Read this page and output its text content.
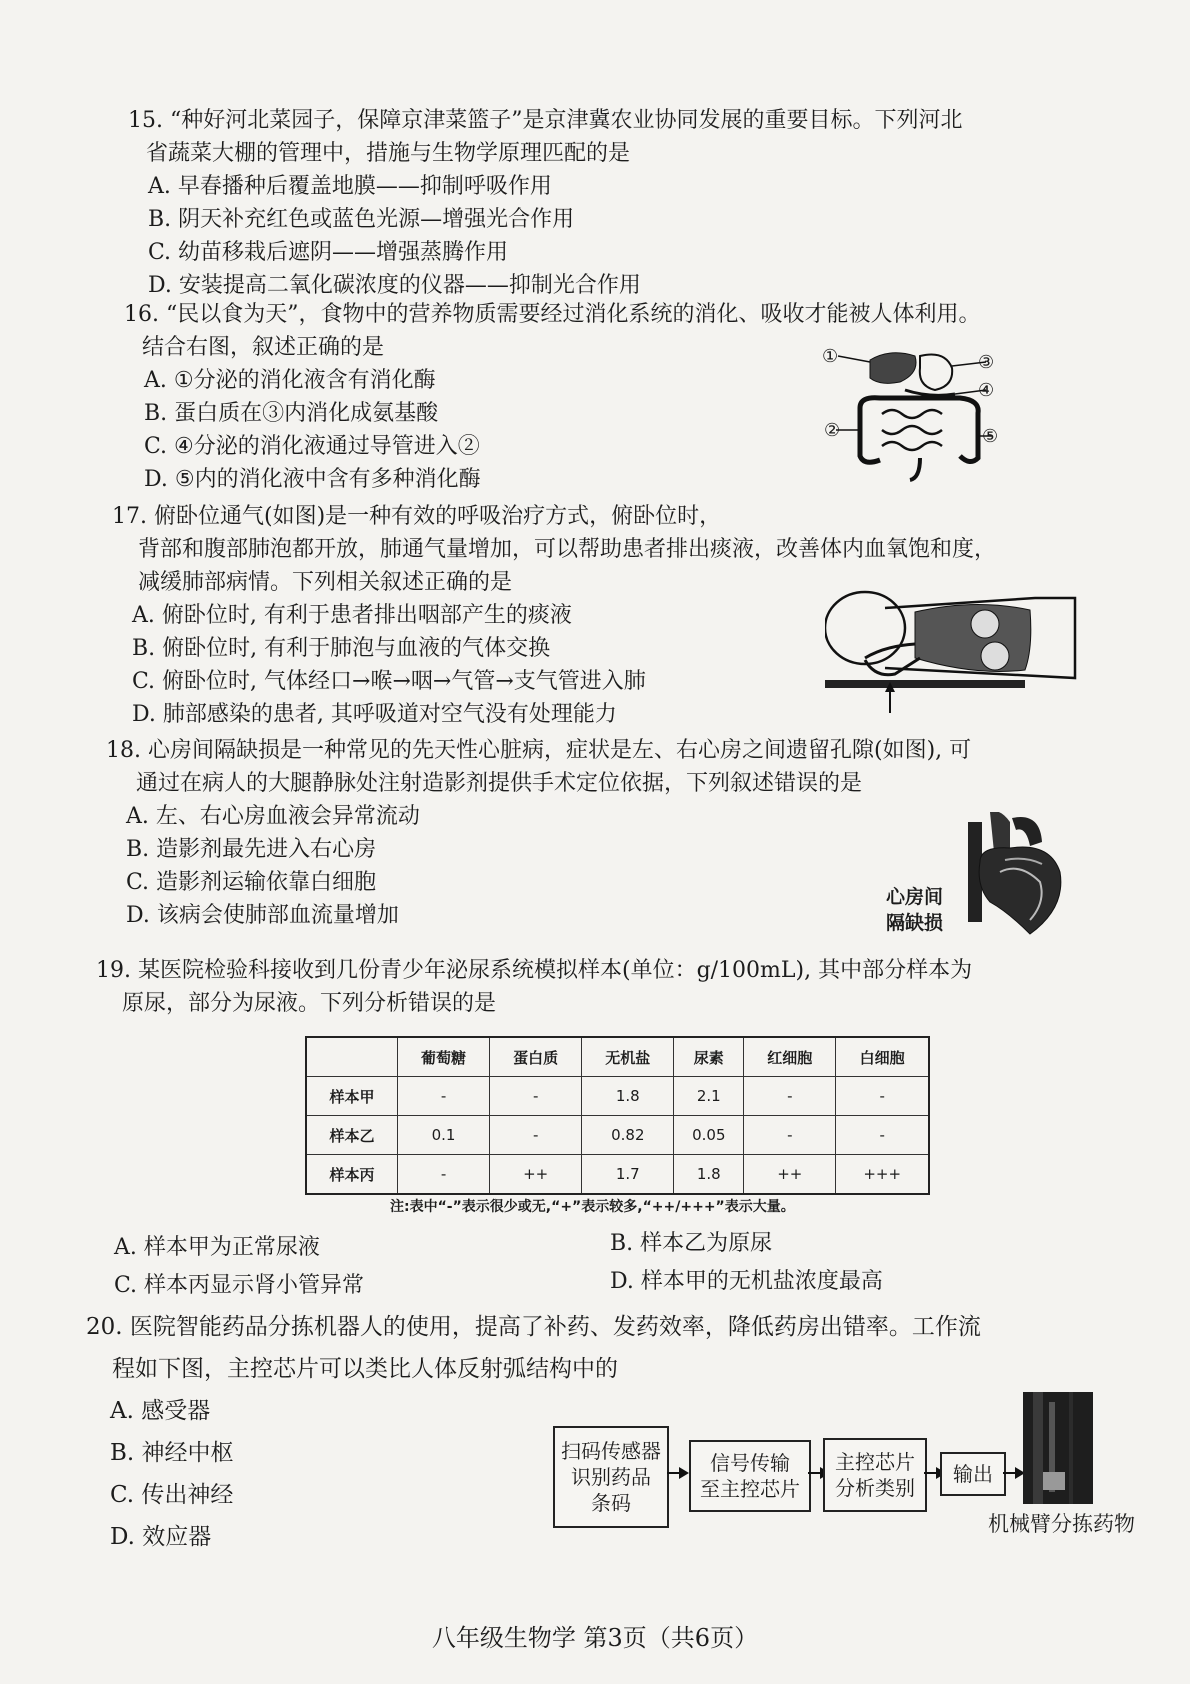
15. “种好河北菜园子，保障京津菜篮子”是京津冀农业协同发展的重要目标。下列河北
省蔬菜大棚的管理中，措施与生物学原理匹配的是
A. 早春播种后覆盖地膜——抑制呼吸作用
B. 阴天补充红色或蓝色光源—增强光合作用
C. 幼苗移栽后遮阴——增强蒸腾作用
D. 安装提高二氧化碳浓度的仪器——抑制光合作用
16. “民以食为天”，食物中的营养物质需要经过消化系统的消化、吸收才能被人体利用。
结合右图，叙述正确的是
A. ①分泌的消化液含有消化酶
B. 蛋白质在③内消化成氨基酸
C. ④分泌的消化液通过导管进入②
D. ⑤内的消化液中含有多种消化酶
①
②
③
④
⑤
17. 俯卧位通气(如图)是一种有效的呼吸治疗方式，俯卧位时，
背部和腹部肺泡都开放，肺通气量增加，可以帮助患者排出痰液，改善体内血氧饱和度，
减缓肺部病情。下列相关叙述正确的是
A. 俯卧位时, 有利于患者排出咽部产生的痰液
B. 俯卧位时, 有利于肺泡与血液的气体交换
C. 俯卧位时, 气体经口→喉→咽→气管→支气管进入肺
D. 肺部感染的患者, 其呼吸道对空气没有处理能力
18. 心房间隔缺损是一种常见的先天性心脏病，症状是左、右心房之间遗留孔隙(如图), 可
通过在病人的大腿静脉处注射造影剂提供手术定位依据，下列叙述错误的是
A. 左、右心房血液会异常流动
B. 造影剂最先进入右心房
C. 造影剂运输依靠白细胞
D. 该病会使肺部血流量增加
心房间
隔缺损
19. 某医院检验科接收到几份青少年泌尿系统模拟样本(单位：g/100mL), 其中部分样本为
原尿，部分为尿液。下列分析错误的是
	葡萄糖	蛋白质	无机盐	尿素	红细胞	白细胞
样本甲	-	-	1.8	2.1	-	-
样本乙	0.1	-	0.82	0.05	-	-
样本丙	-	++	1.7	1.8	++	+++
注:表中“-”表示很少或无,“+”表示较多,“++/+++”表示大量。
A. 样本甲为正常尿液	B. 样本乙为原尿
C. 样本丙显示肾小管异常	D. 样本甲的无机盐浓度最高
20. 医院智能药品分拣机器人的使用，提高了补药、发药效率，降低药房出错率。工作流
程如下图，主控芯片可以类比人体反射弧结构中的
A. 感受器
B. 神经中枢
C. 传出神经
D. 效应器
扫码传感器
识别药品
条码
信号传输
至主控芯片
主控芯片
分析类别
输出
机械臂分拣药物
八年级生物学 第3页（共6页）
